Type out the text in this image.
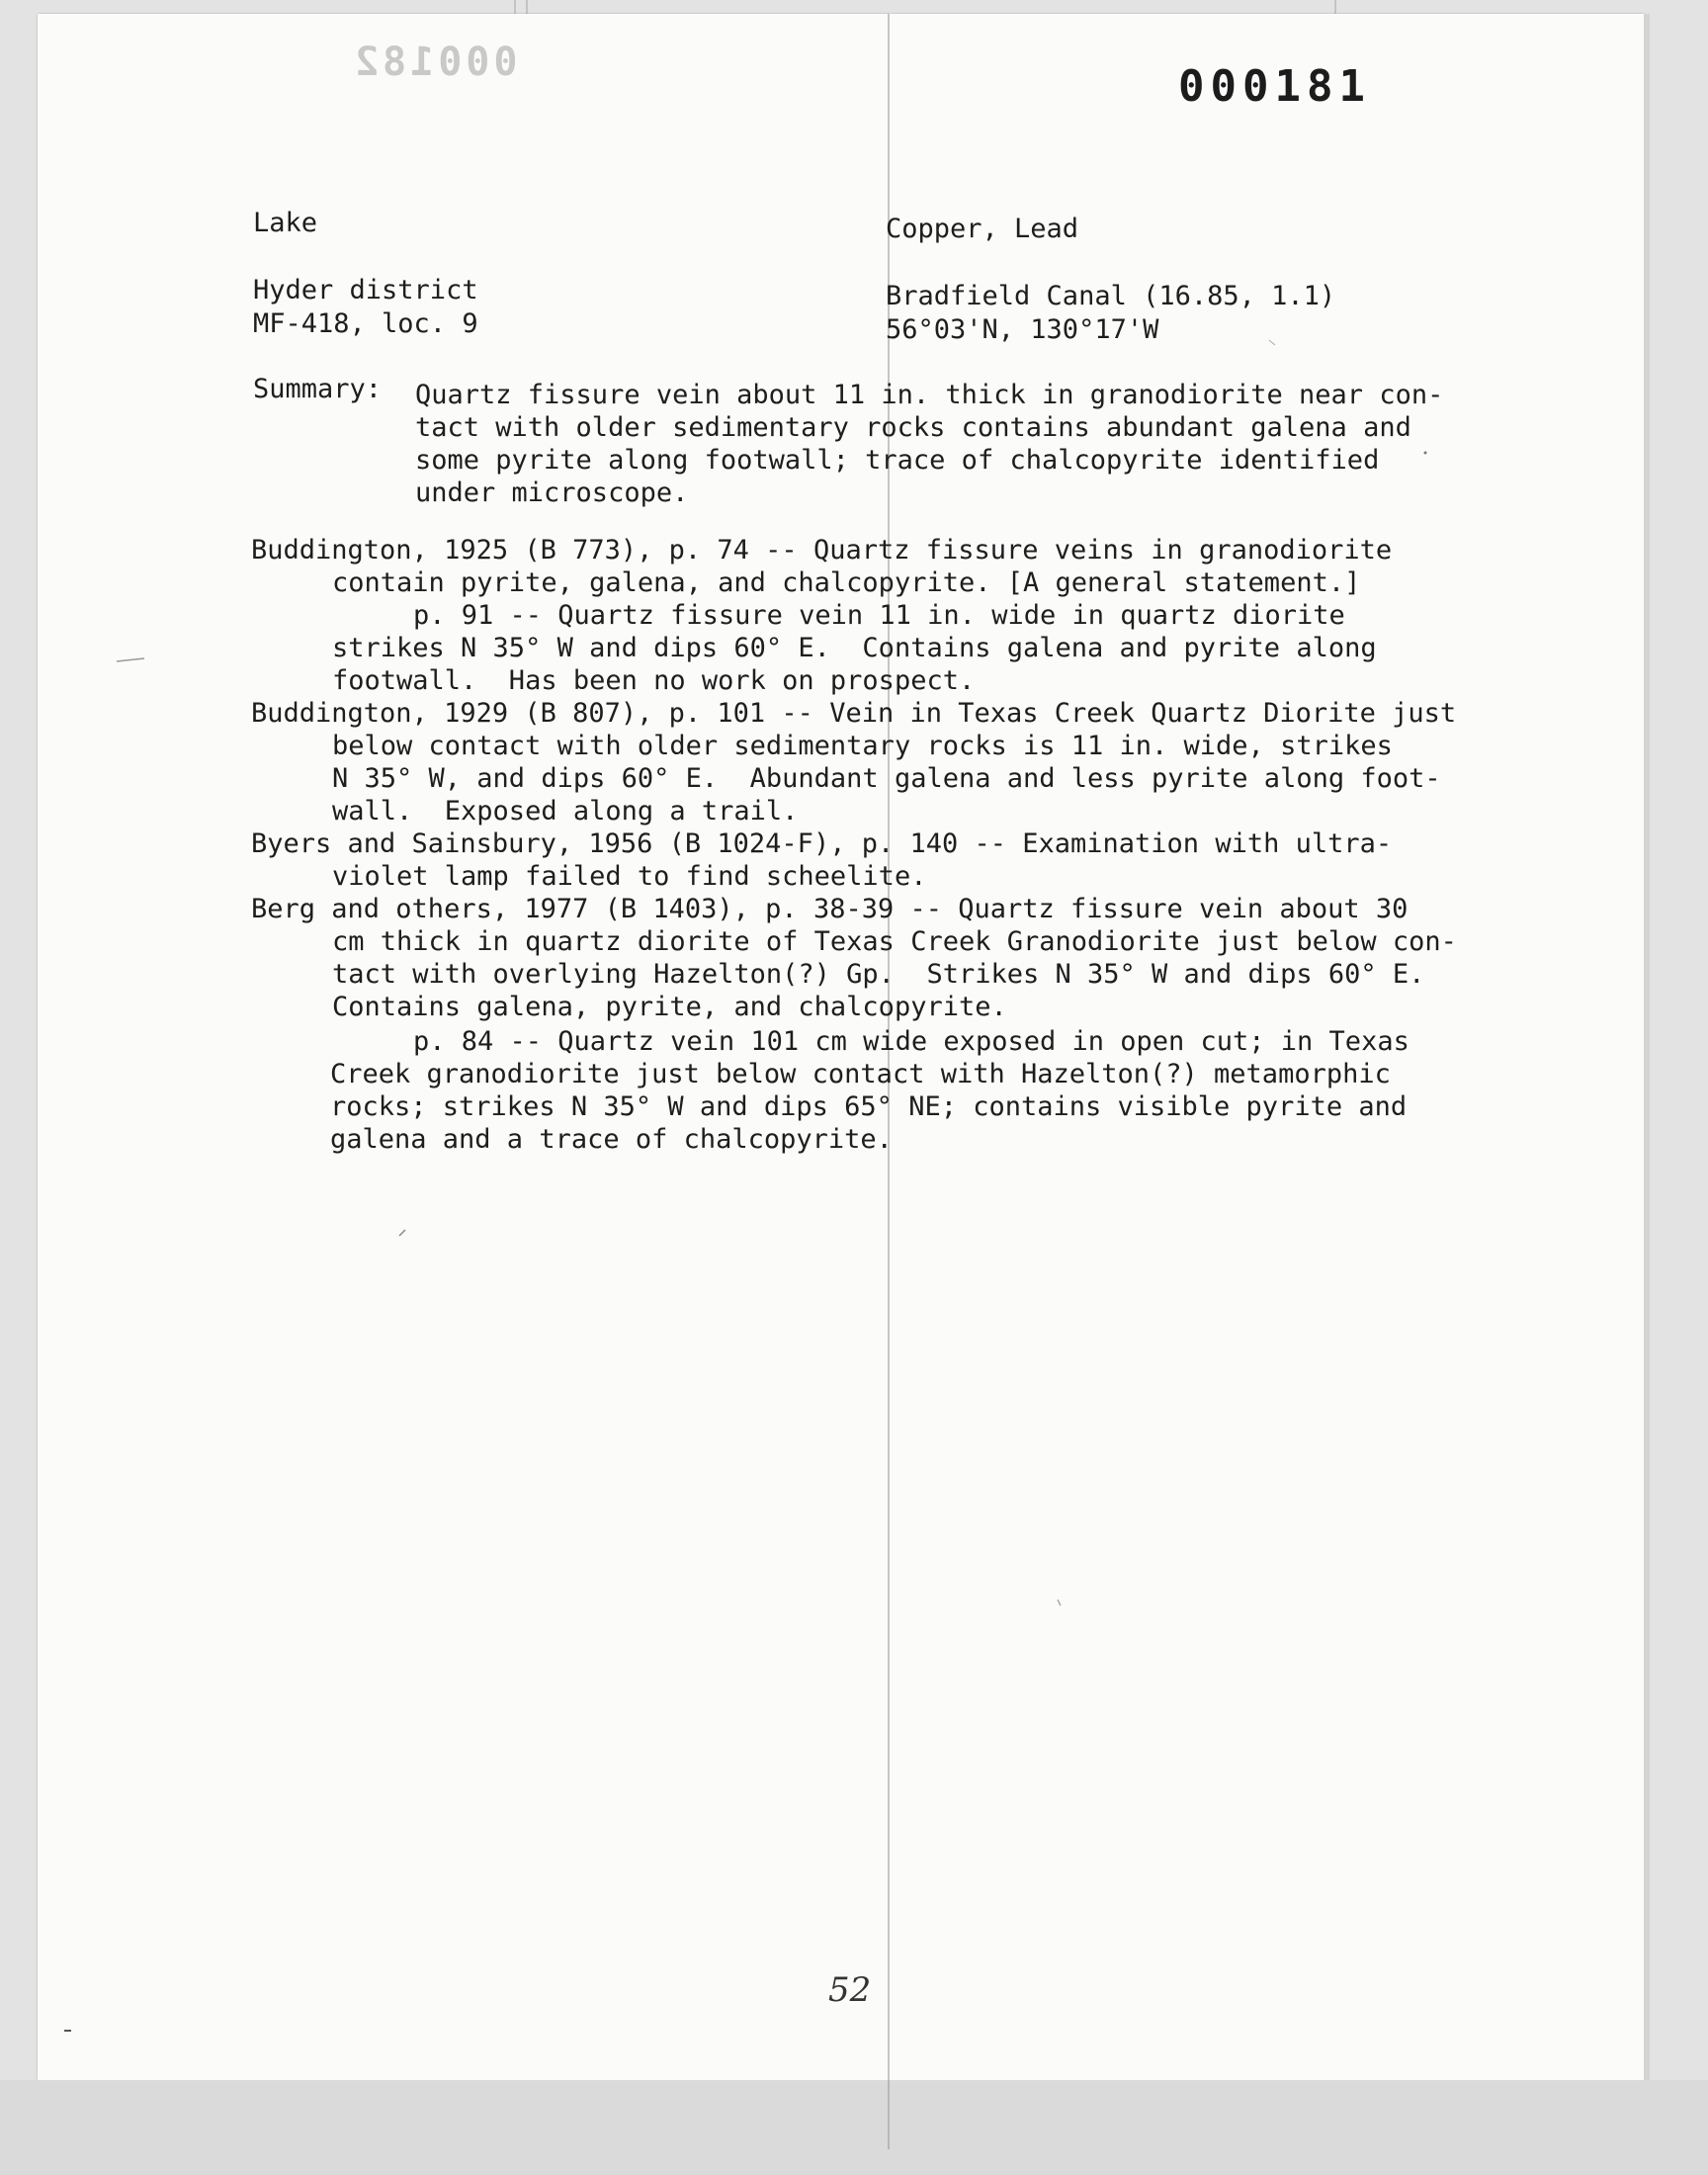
000182	000181

Lake

Hyder district

MF-418, loc. 9

Copper, Lead

Bradfield Canal (16.85, 1.1)

56°03'N, 130°17'W

Summary: Quartz fissure vein about 11 in. thick in granodiorite near con-

tact with older sedimentary rocks contains abundant galena and

some pyrite along footwall; trace of chalcopyrite identified

under microscope.

Buddington, 1925 (B 773), p. 74 -- Quartz fissure veins in granodiorite

contain pyrite, galena, and chalcopyrite. [A general statement.]

p. 91 -- Quartz fissure vein 11 in. wide in quartz diorite

strikes N 35° W and dips 60° E.  Contains galena and pyrite along

footwall.  Has been no work on prospect.

Buddington, 1929 (B 807), p. 101 -- Vein in Texas Creek Quartz Diorite just

below contact with older sedimentary rocks is 11 in. wide, strikes

N 35° W, and dips 60° E.  Abundant galena and less pyrite along foot-

wall.  Exposed along a trail.

Byers and Sainsbury, 1956 (B 1024-F), p. 140 -- Examination with ultra-

violet lamp failed to find scheelite.

Berg and others, 1977 (B 1403), p. 38-39 -- Quartz fissure vein about 30

cm thick in quartz diorite of Texas Creek Granodiorite just below con-

tact with overlying Hazelton(?) Gp.  Strikes N 35° W and dips 60° E.

Contains galena, pyrite, and chalcopyrite.

p. 84 -- Quartz vein 101 cm wide exposed in open cut; in Texas

Creek granodiorite just below contact with Hazelton(?) metamorphic

rocks; strikes N 35° W and dips 65° NE; contains visible pyrite and

galena and a trace of chalcopyrite.

52
